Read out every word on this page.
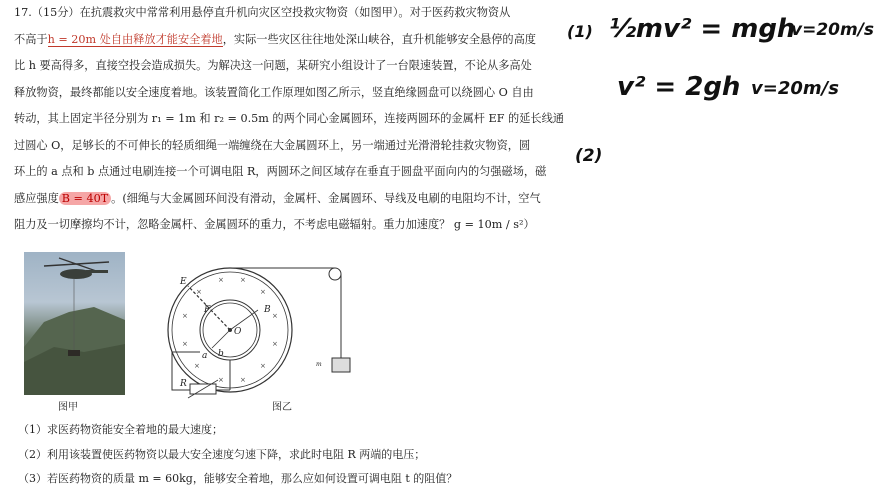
17.（15分）在抗震救灾中常常利用悬停直升机向灾区空投救灾物资（如图甲）。对于医药救灾物资从

不高于h = 20m 处自由释放才能安全着地，实际一些灾区往往地处深山峡谷，直升机能够安全悬停的高度

比 h 要高得多，直接空投会造成损失。为解决这一问题，某研究小组设计了一台限速装置，不论从多高处

释放物资，最终都能以安全速度着地。该装置简化工作原理如图乙所示，竖直绝缘圆盘可以绕圆心 O 自由

转动，其上固定半径分别为 r₁ = 1m 和 r₂ = 0.5m 的两个同心金属圆环，连接两圆环的金属杆 EF 的延长线通

过圆心 O，足够长的不可伸长的轻质细绳一端缠绕在大金属圆环上，另一端通过光滑滑轮挂救灾物资，圆

环上的 a 点和 b 点通过电刷连接一个可调电阻 R，两圆环之间区域存在垂直于圆盘平面向内的匀强磁场，磁

感应强度 B = 40T 。(细绳与大金属圆环间没有滑动，金属杆、金属圆环、导线及电刷的电阻均不计，空气

阻力及一切摩擦均不计，忽略金属杆、金属圆环的重力，不考虑电磁辐射。重力加速度？ g = 10m / s²）

图甲
× ×
×	×
×	×
×	×
×	×
× ×
E
F
O
B
a b
R
m
图乙

（1）求医药物资能安全着地的最大速度；

（2）利用该装置使医药物资以最大安全速度匀速下降，求此时电阻 R 两端的电压；

（3）若医药物资的质量 m = 60kg，能够安全着地，那么应如何设置可调电阻 t 的阻值？

(1) ½mv² = mgh
v=20m/s
v² = 2gh v=20m/s
(2)
